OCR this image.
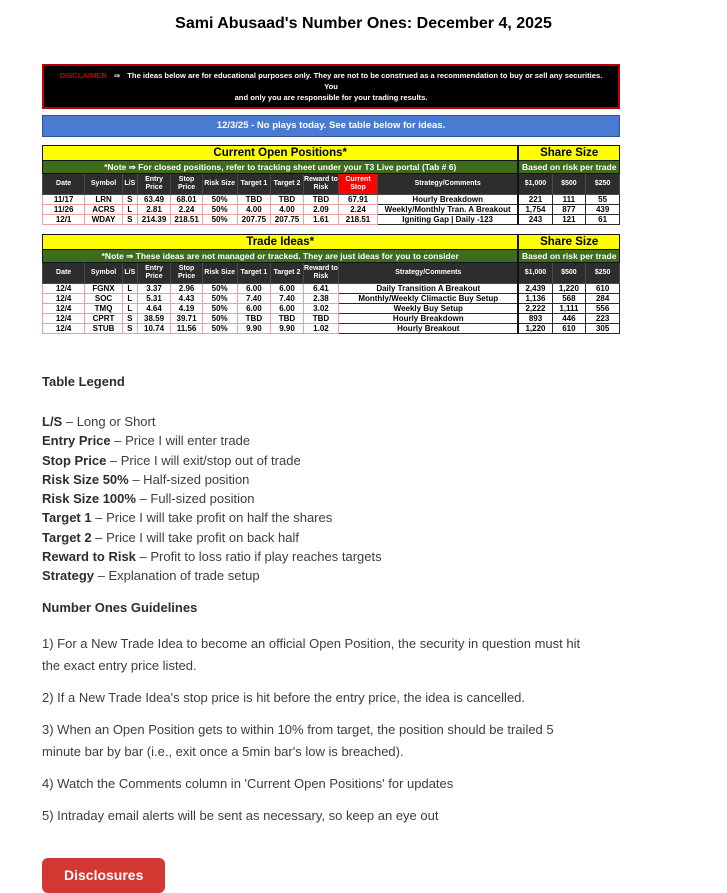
Sami Abusaad's Number Ones: December 4, 2025
DISCLAIMER ⇒ The ideas below are for educational purposes only. They are not to be construed as a recommendation to buy or sell any securities. You
and only you are responsible for your trading results.
12/3/25 - No plays today. See table below for ideas.
Current Open Positions*											Share Size		
*Note ⇒ For closed positions, refer to tracking sheet under your T3 Live portal (Tab # 6)											Based on risk per trade		
Date	Symbol	L/S	Entry Price	Stop Price	Risk Size	Target 1	Target 2	Reward to Risk	Current Stop	Strategy/Comments	$1,000	$500	$250
11/17	LRN	S	63.49	68.01	50%	TBD	TBD	TBD	67.91	Hourly Breakdown	221	111	55
11/26	ACRS	L	2.81	2.24	50%	4.00	4.00	2.09	2.24	Weekly/Monthly Tran. A Breakout	1,754	877	439
12/1	WDAY	S	214.39	218.51	50%	207.75	207.75	1.61	218.51	Igniting Gap | Daily -123	243	121	61
Trade Ideas*										Share Size		
*Note ⇒ These ideas are not managed or tracked. They are just ideas for you to consider										Based on risk per trade		
Date	Symbol	L/S	Entry Price	Stop Price	Risk Size	Target 1	Target 2	Reward to Risk	Strategy/Comments	$1,000	$500	$250
12/4	FGNX	L	3.37	2.96	50%	6.00	6.00	6.41	Daily Transition A Breakout	2,439	1,220	610
12/4	SOC	L	5.31	4.43	50%	7.40	7.40	2.38	Monthly/Weekly Climactic Buy Setup	1,136	568	284
12/4	TMQ	L	4.64	4.19	50%	6.00	6.00	3.02	Weekly Buy Setup	2,222	1,111	556
12/4	CPRT	S	38.59	39.71	50%	TBD	TBD	TBD	Hourly Breakdown	893	446	223
12/4	STUB	S	10.74	11.56	50%	9.90	9.90	1.02	Hourly Breakout	1,220	610	305
Table Legend
L/S – Long or Short
Entry Price – Price I will enter trade
Stop Price – Price I will exit/stop out of trade
Risk Size 50% – Half-sized position
Risk Size 100% – Full-sized position
Target 1 – Price I will take profit on half the shares
Target 2 – Price I will take profit on back half
Reward to Risk – Profit to loss ratio if play reaches targets
Strategy – Explanation of trade setup
Number Ones Guidelines

1) For a New Trade Idea to become an official Open Position, the security in question must hit
the exact entry price listed.

2) If a New Trade Idea's stop price is hit before the entry price, the idea is cancelled.

3) When an Open Position gets to within 10% from target, the position should be trailed 5
minute bar by bar (i.e., exit once a 5min bar's low is breached).

4) Watch the Comments column in 'Current Open Positions' for updates

5) Intraday email alerts will be sent as necessary, so keep an eye out

Disclosures
